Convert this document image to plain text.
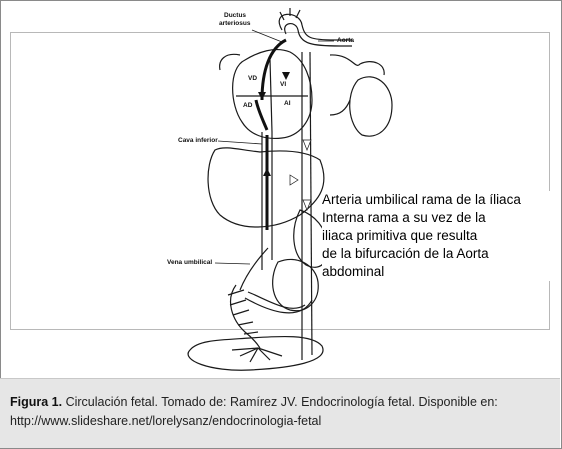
Ductus
arteriosus
Aorta
VD
VI
AD	AI
Cava inferior
Vena umbilical
Arteria umbilical rama de la íliaca
Interna rama a su vez de la
iliaca primitiva que resulta
de la bifurcación de la Aorta
abdominal
Figura 1. Circulación fetal. Tomado de: Ramírez JV. Endocrinología fetal. Disponible en:
http://www.slideshare.net/lorelysanz/endocrinologia-fetal
